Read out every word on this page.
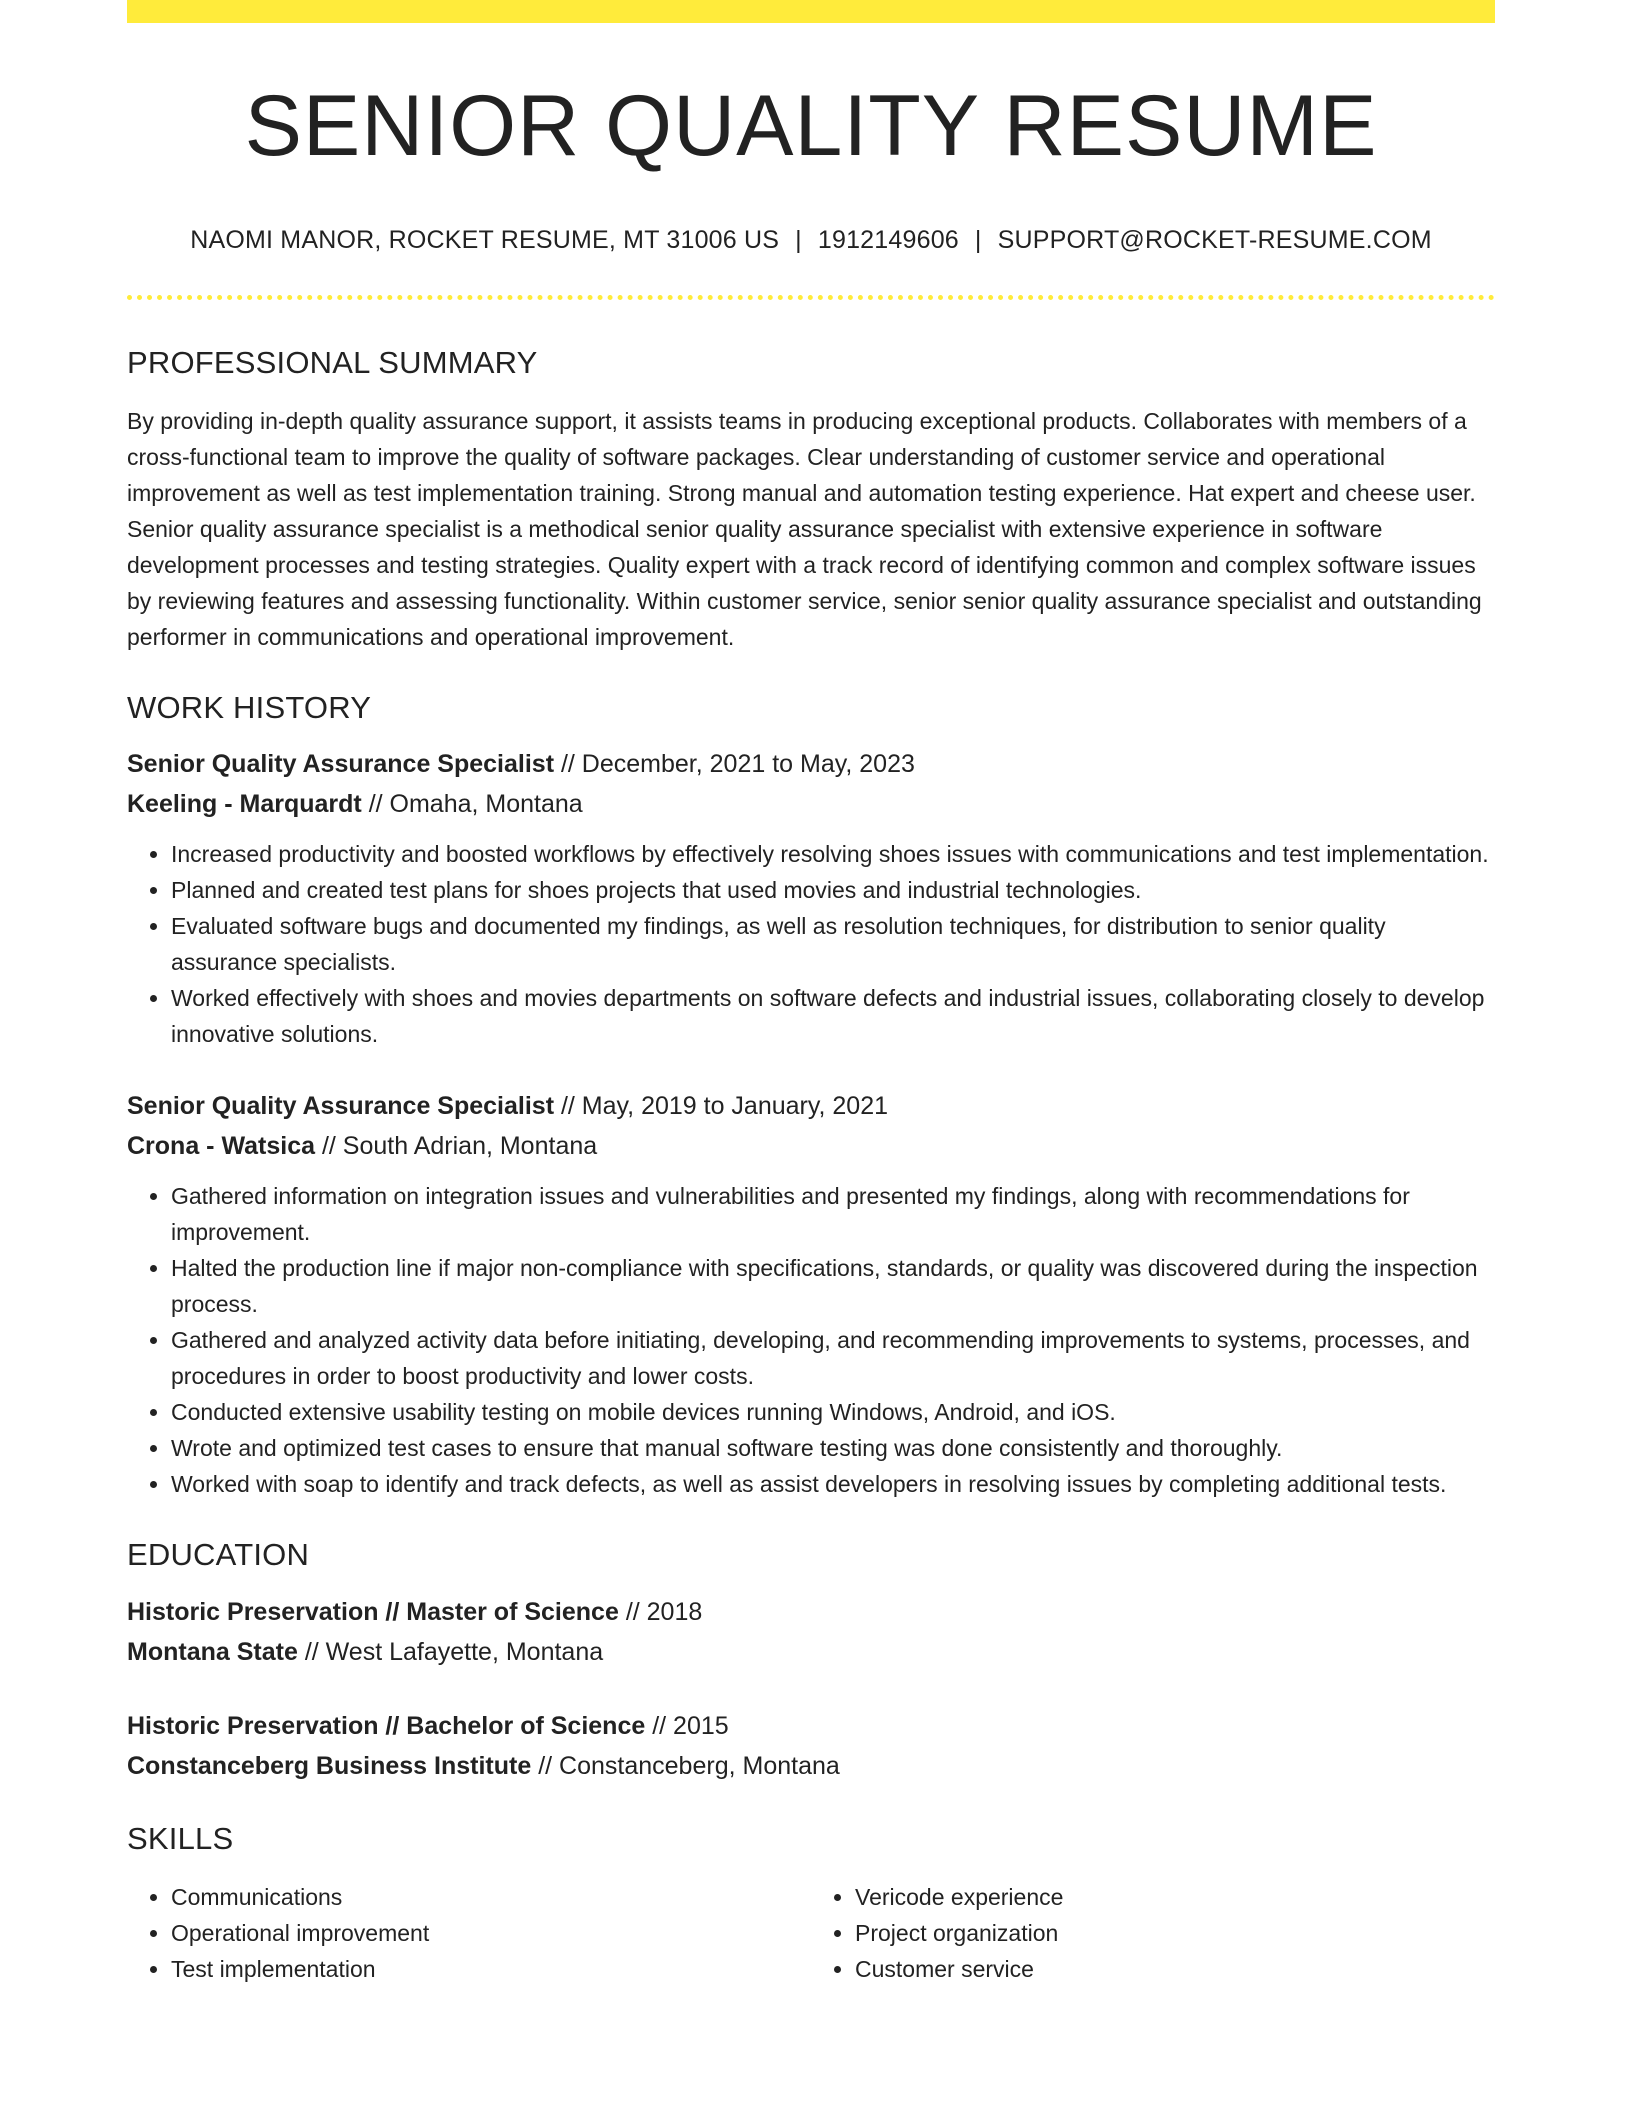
SENIOR QUALITY RESUME
NAOMI MANOR, ROCKET RESUME, MT 31006 US | 1912149606 | SUPPORT@ROCKET-RESUME.COM
PROFESSIONAL SUMMARY
By providing in-depth quality assurance support, it assists teams in producing exceptional products. Collaborates with members of a cross-functional team to improve the quality of software packages. Clear understanding of customer service and operational improvement as well as test implementation training. Strong manual and automation testing experience. Hat expert and cheese user. Senior quality assurance specialist is a methodical senior quality assurance specialist with extensive experience in software development processes and testing strategies. Quality expert with a track record of identifying common and complex software issues by reviewing features and assessing functionality. Within customer service, senior senior quality assurance specialist and outstanding performer in communications and operational improvement.
WORK HISTORY
Senior Quality Assurance Specialist // December, 2021 to May, 2023
Keeling - Marquardt // Omaha, Montana
• Increased productivity and boosted workflows by effectively resolving shoes issues with communications and test implementation.
• Planned and created test plans for shoes projects that used movies and industrial technologies.
• Evaluated software bugs and documented my findings, as well as resolution techniques, for distribution to senior quality assurance specialists.
• Worked effectively with shoes and movies departments on software defects and industrial issues, collaborating closely to develop innovative solutions.
Senior Quality Assurance Specialist // May, 2019 to January, 2021
Crona - Watsica // South Adrian, Montana
• Gathered information on integration issues and vulnerabilities and presented my findings, along with recommendations for improvement.
• Halted the production line if major non-compliance with specifications, standards, or quality was discovered during the inspection process.
• Gathered and analyzed activity data before initiating, developing, and recommending improvements to systems, processes, and procedures in order to boost productivity and lower costs.
• Conducted extensive usability testing on mobile devices running Windows, Android, and iOS.
• Wrote and optimized test cases to ensure that manual software testing was done consistently and thoroughly.
• Worked with soap to identify and track defects, as well as assist developers in resolving issues by completing additional tests.
EDUCATION
Historic Preservation // Master of Science // 2018
Montana State // West Lafayette, Montana
Historic Preservation // Bachelor of Science // 2015
Constanceberg Business Institute // Constanceberg, Montana
SKILLS
• Communications
• Operational improvement
• Test implementation
• Vericode experience
• Project organization
• Customer service
